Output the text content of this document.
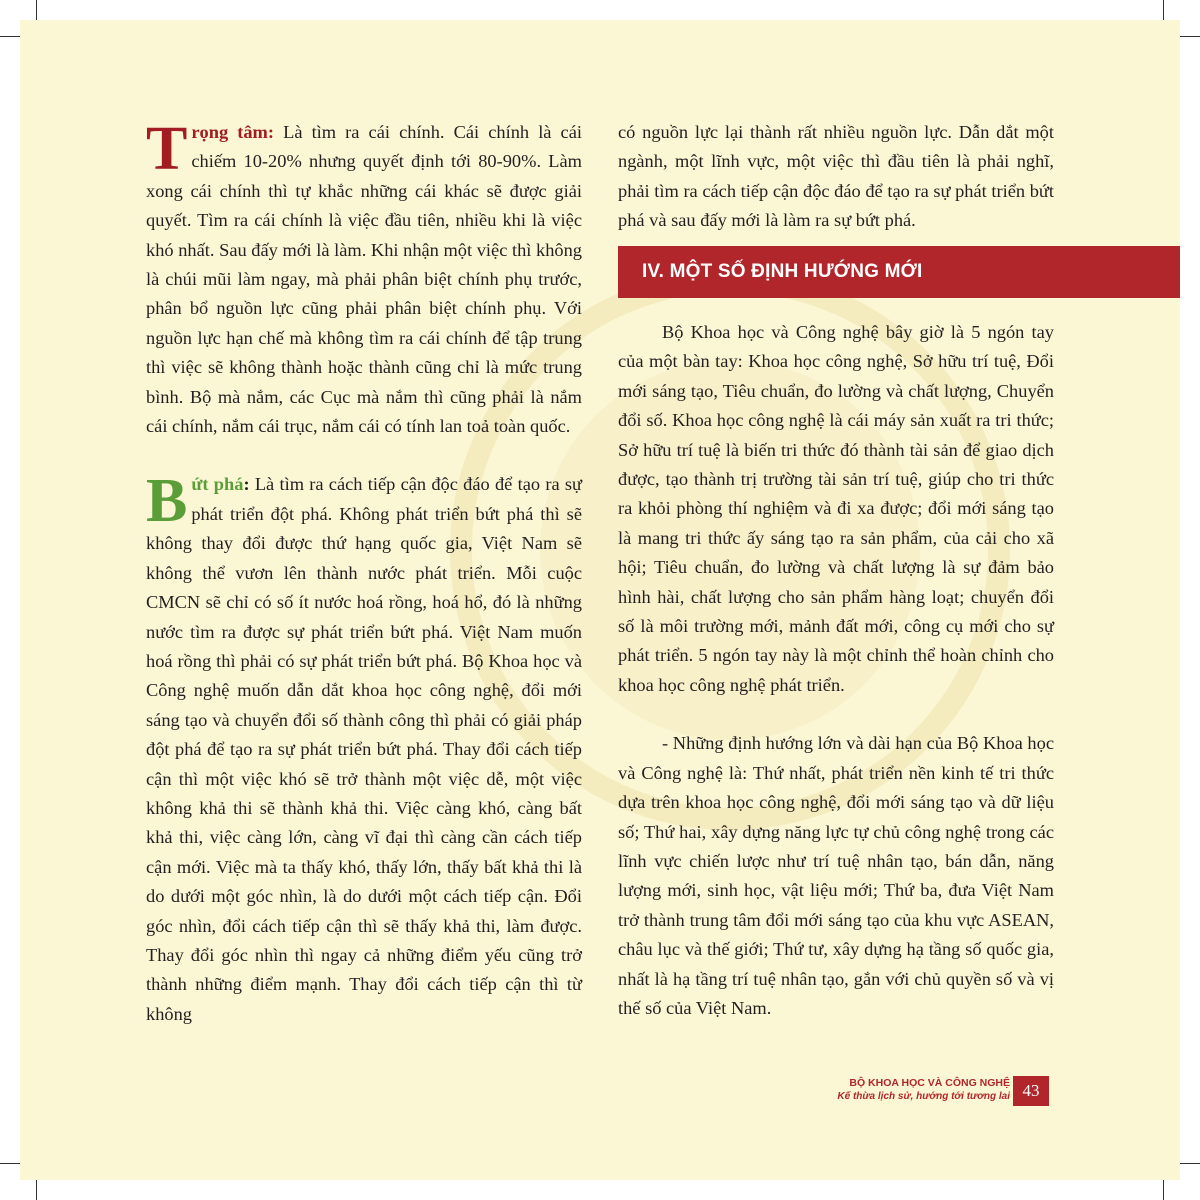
Trọng tâm: Là tìm ra cái chính. Cái chính là cái chiếm 10-20% nhưng quyết định tới 80-90%. Làm xong cái chính thì tự khắc những cái khác sẽ được giải quyết. Tìm ra cái chính là việc đầu tiên, nhiều khi là việc khó nhất. Sau đấy mới là làm. Khi nhận một việc thì không là chúi mũi làm ngay, mà phải phân biệt chính phụ trước, phân bổ nguồn lực cũng phải phân biệt chính phụ. Với nguồn lực hạn chế mà không tìm ra cái chính để tập trung thì việc sẽ không thành hoặc thành cũng chỉ là mức trung bình. Bộ mà nắm, các Cục mà nắm thì cũng phải là nắm cái chính, nắm cái trục, nắm cái có tính lan toả toàn quốc.

Bứt phá: Là tìm ra cách tiếp cận độc đáo để tạo ra sự phát triển đột phá. Không phát triển bứt phá thì sẽ không thay đổi được thứ hạng quốc gia, Việt Nam sẽ không thể vươn lên thành nước phát triển. Mỗi cuộc CMCN sẽ chỉ có số ít nước hoá rồng, hoá hổ, đó là những nước tìm ra được sự phát triển bứt phá. Việt Nam muốn hoá rồng thì phải có sự phát triển bứt phá. Bộ Khoa học và Công nghệ muốn dẫn dắt khoa học công nghệ, đổi mới sáng tạo và chuyển đổi số thành công thì phải có giải pháp đột phá để tạo ra sự phát triển bứt phá. Thay đổi cách tiếp cận thì một việc khó sẽ trở thành một việc dễ, một việc không khả thi sẽ thành khả thi. Việc càng khó, càng bất khả thi, việc càng lớn, càng vĩ đại thì càng cần cách tiếp cận mới. Việc mà ta thấy khó, thấy lớn, thấy bất khả thi là do dưới một góc nhìn, là do dưới một cách tiếp cận. Đổi góc nhìn, đổi cách tiếp cận thì sẽ thấy khả thi, làm được. Thay đổi góc nhìn thì ngay cả những điểm yếu cũng trở thành những điểm mạnh. Thay đổi cách tiếp cận thì từ không

có nguồn lực lại thành rất nhiều nguồn lực. Dẫn dắt một ngành, một lĩnh vực, một việc thì đầu tiên là phải nghĩ, phải tìm ra cách tiếp cận độc đáo để tạo ra sự phát triển bứt phá và sau đấy mới là làm ra sự bứt phá.

IV. MỘT SỐ ĐỊNH HƯỚNG MỚI

Bộ Khoa học và Công nghệ bây giờ là 5 ngón tay của một bàn tay: Khoa học công nghệ, Sở hữu trí tuệ, Đổi mới sáng tạo, Tiêu chuẩn, đo lường và chất lượng, Chuyển đổi số. Khoa học công nghệ là cái máy sản xuất ra tri thức; Sở hữu trí tuệ là biến tri thức đó thành tài sản để giao dịch được, tạo thành trị trường tài sản trí tuệ, giúp cho tri thức ra khỏi phòng thí nghiệm và đi xa được; đổi mới sáng tạo là mang tri thức ấy sáng tạo ra sản phẩm, của cải cho xã hội; Tiêu chuẩn, đo lường và chất lượng là sự đảm bảo hình hài, chất lượng cho sản phẩm hàng loạt; chuyển đổi số là môi trường mới, mảnh đất mới, công cụ mới cho sự phát triển. 5 ngón tay này là một chỉnh thể hoàn chỉnh cho khoa học công nghệ phát triển.

- Những định hướng lớn và dài hạn của Bộ Khoa học và Công nghệ là: Thứ nhất, phát triển nền kinh tế tri thức dựa trên khoa học công nghệ, đổi mới sáng tạo và dữ liệu số; Thứ hai, xây dựng năng lực tự chủ công nghệ trong các lĩnh vực chiến lược như trí tuệ nhân tạo, bán dẫn, năng lượng mới, sinh học, vật liệu mới; Thứ ba, đưa Việt Nam trở thành trung tâm đổi mới sáng tạo của khu vực ASEAN, châu lục và thế giới; Thứ tư, xây dựng hạ tầng số quốc gia, nhất là hạ tầng trí tuệ nhân tạo, gắn với chủ quyền số và vị thế số của Việt Nam.

BỘ KHOA HỌC VÀ CÔNG NGHỆ
Kế thừa lịch sử, hướng tới tương lai 43
